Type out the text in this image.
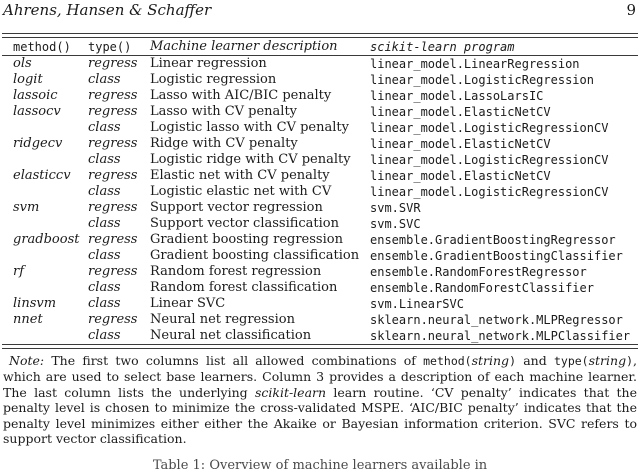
Ahrens, Hansen & Schaffer	9
method()	type()	Machine learner description	scikit-learn program
ols	regress Linear regression	linear_model.LinearRegression
logit	class	Logistic regression	linear_model.LogisticRegression
lassoic	regress Lasso with AIC/BIC penalty	linear_model.LassoLarsIC
lassocv	regress Lasso with CV penalty	linear_model.ElasticNetCV
class	Logistic lasso with CV penalty	linear_model.LogisticRegressionCV
ridgecv	regress Ridge with CV penalty	linear_model.ElasticNetCV
class	Logistic ridge with CV penalty	linear_model.LogisticRegressionCV
elasticcv	regress Elastic net with CV penalty	linear_model.ElasticNetCV
class	Logistic elastic net with CV	linear_model.LogisticRegressionCV
svm	regress Support vector regression	svm.SVR
class	Support vector classification	svm.SVC
gradboost regress Gradient boosting regression	ensemble.GradientBoostingRegressor
class	Gradient boosting classification ensemble.GradientBoostingClassifier
rf	regress Random forest regression	ensemble.RandomForestRegressor
class	Random forest classification	ensemble.RandomForestClassifier
linsvm	class	Linear SVC	svm.LinearSVC
nnet	regress Neural net regression	sklearn.neural_network.MLPRegressor
class	Neural net classification	sklearn.neural_network.MLPClassifier
Note: The first two columns list all allowed combinations of method(string) and type(string), which are used to select base learners. Column 3 provides a description of each machine learner. The last column lists the underlying scikit-learn learn routine. ‘CV penalty’ indicates that the penalty level is chosen to minimize the cross-validated MSPE. ‘AIC/BIC penalty’ indicates that the penalty level minimizes either either the Akaike or Bayesian information criterion. SVC refers to support vector classification.
Table 1: Overview of machine learners available in
